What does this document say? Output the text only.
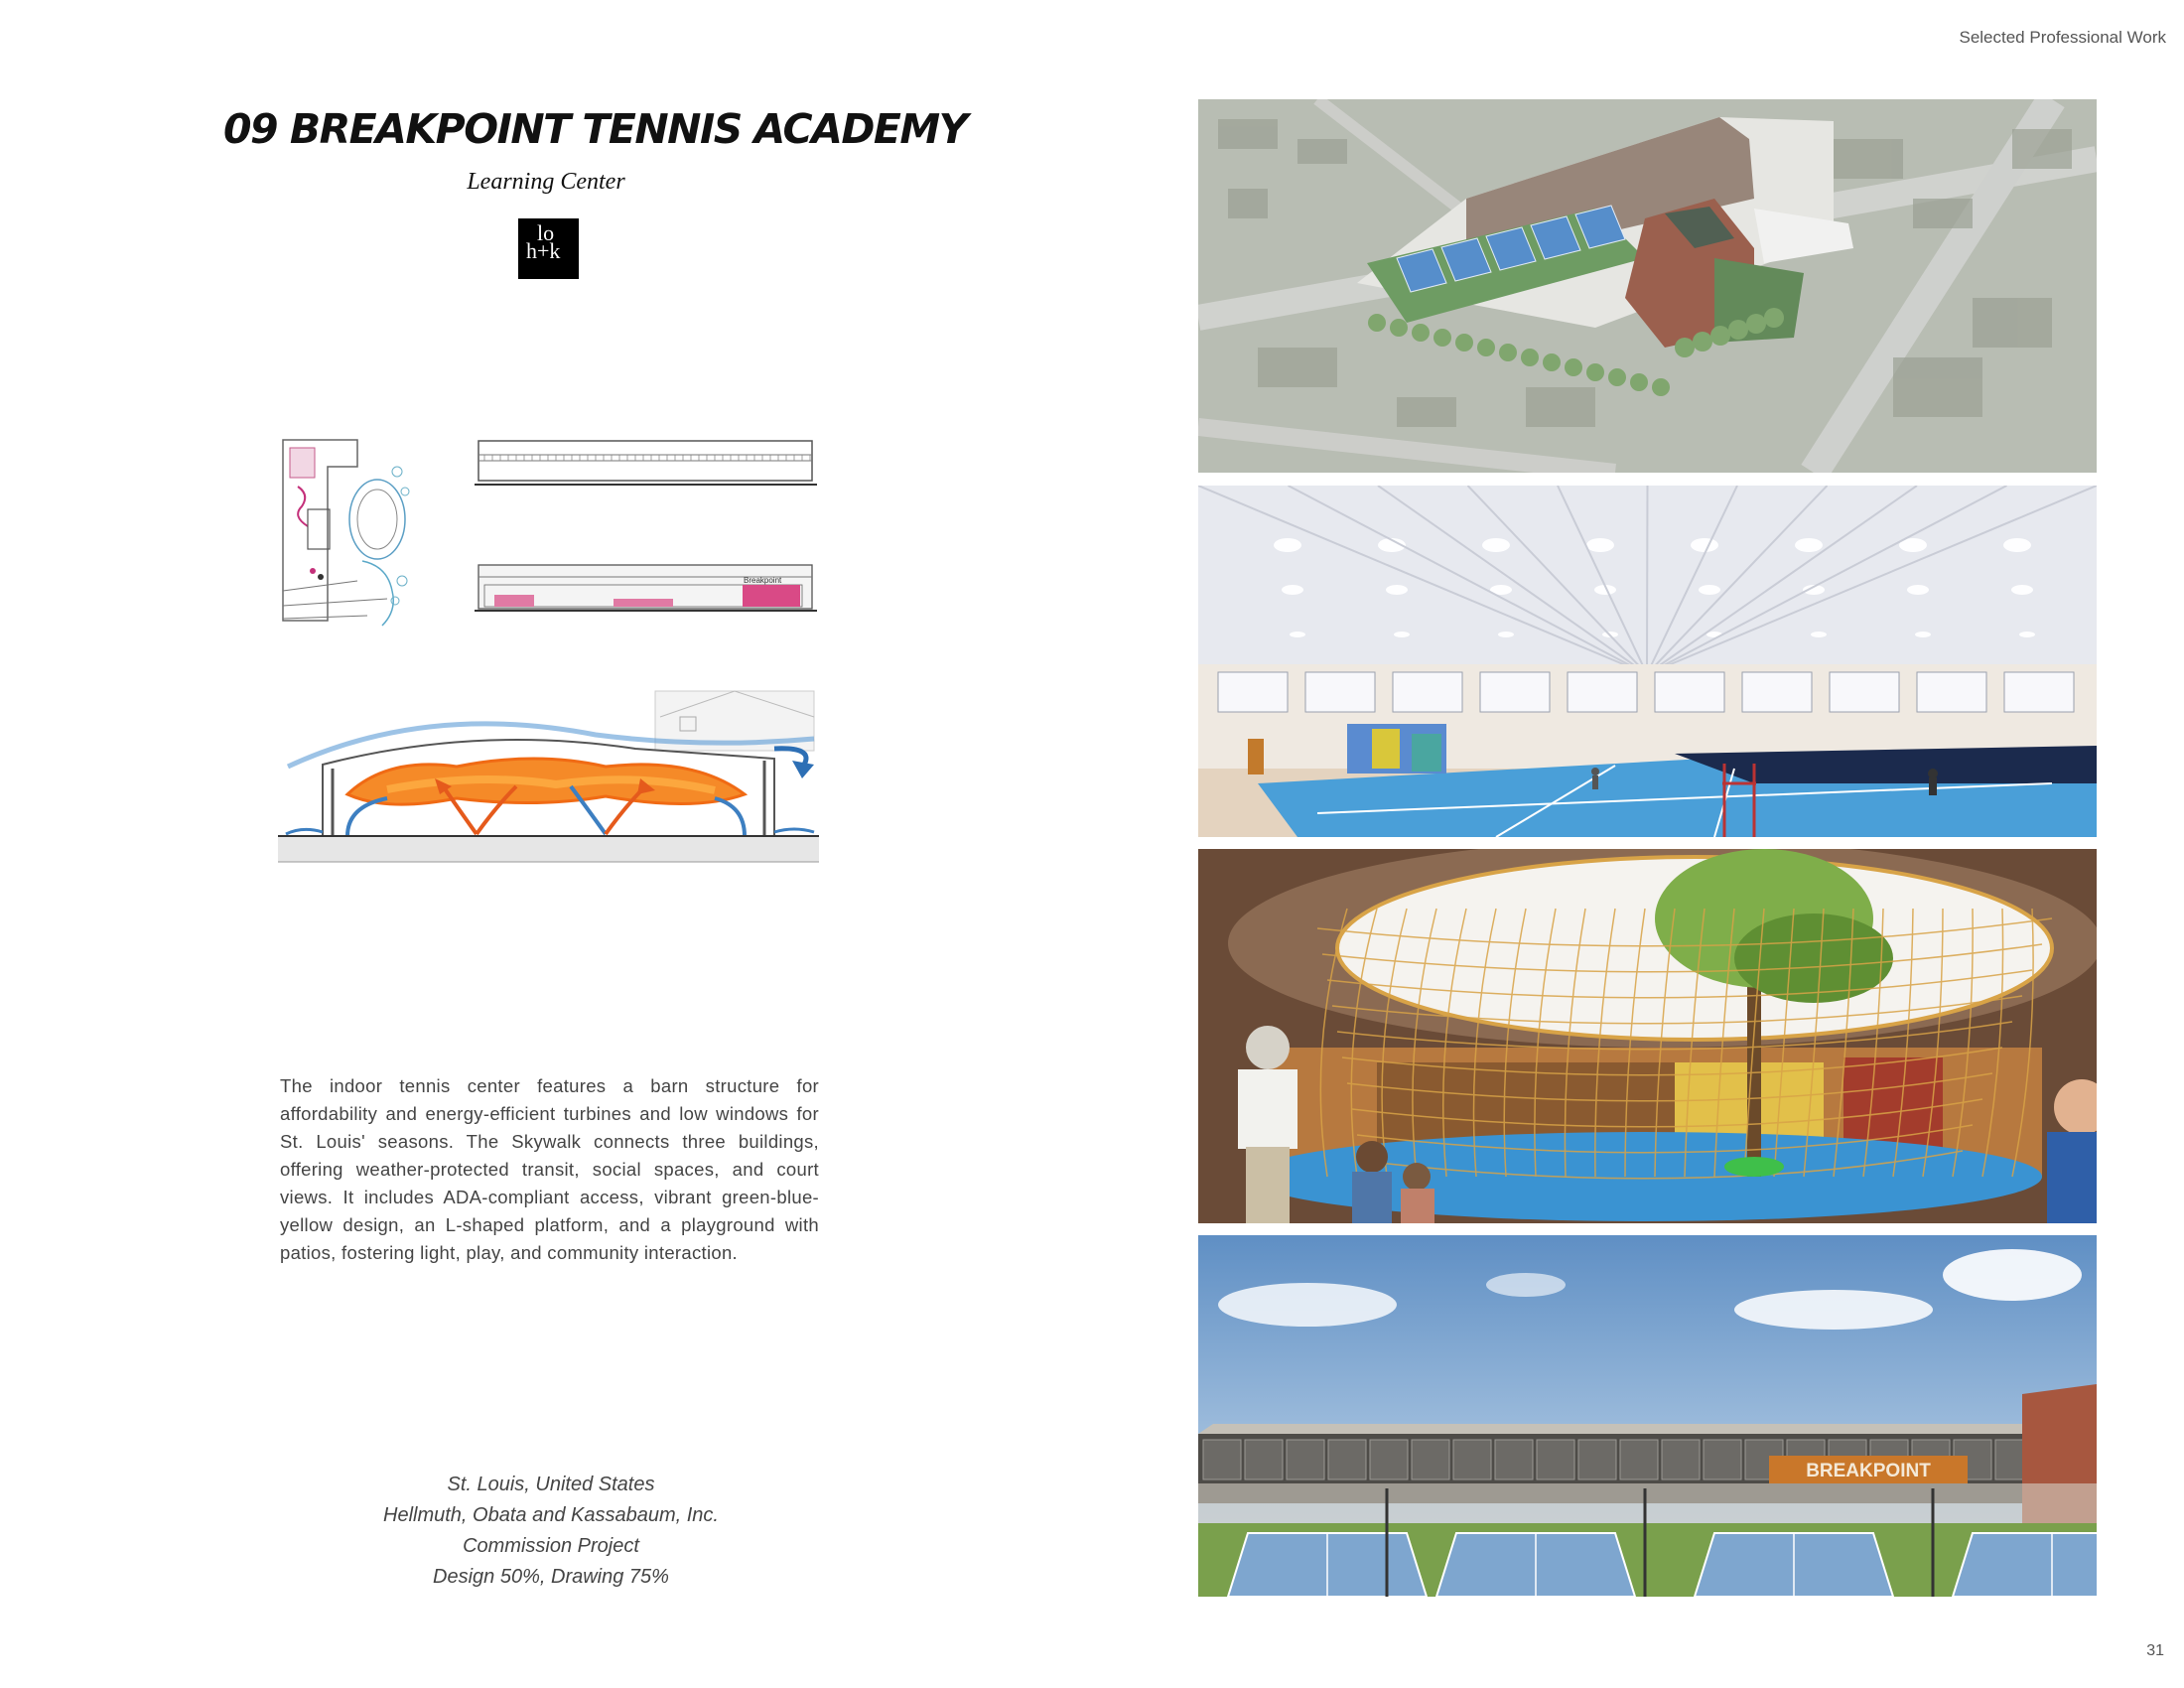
Selected Professional Work
09 BREAKPOINT TENNIS ACADEMY
Learning Center
lo
h+k
Breakpoint
The indoor tennis center features a barn structure for affordability and energy-efficient turbines and low windows for St. Louis' seasons. The Skywalk connects three buildings, offering weather-protected transit, social spaces, and court views. It includes ADA-compliant access, vibrant green-blue-yellow design, an L-shaped platform, and a playground with patios, fostering light, play, and community interaction.
St. Louis, United States
Hellmuth, Obata and Kassabaum, Inc.
Commission Project
Design 50%, Drawing 75%
BREAKPOINT
31
